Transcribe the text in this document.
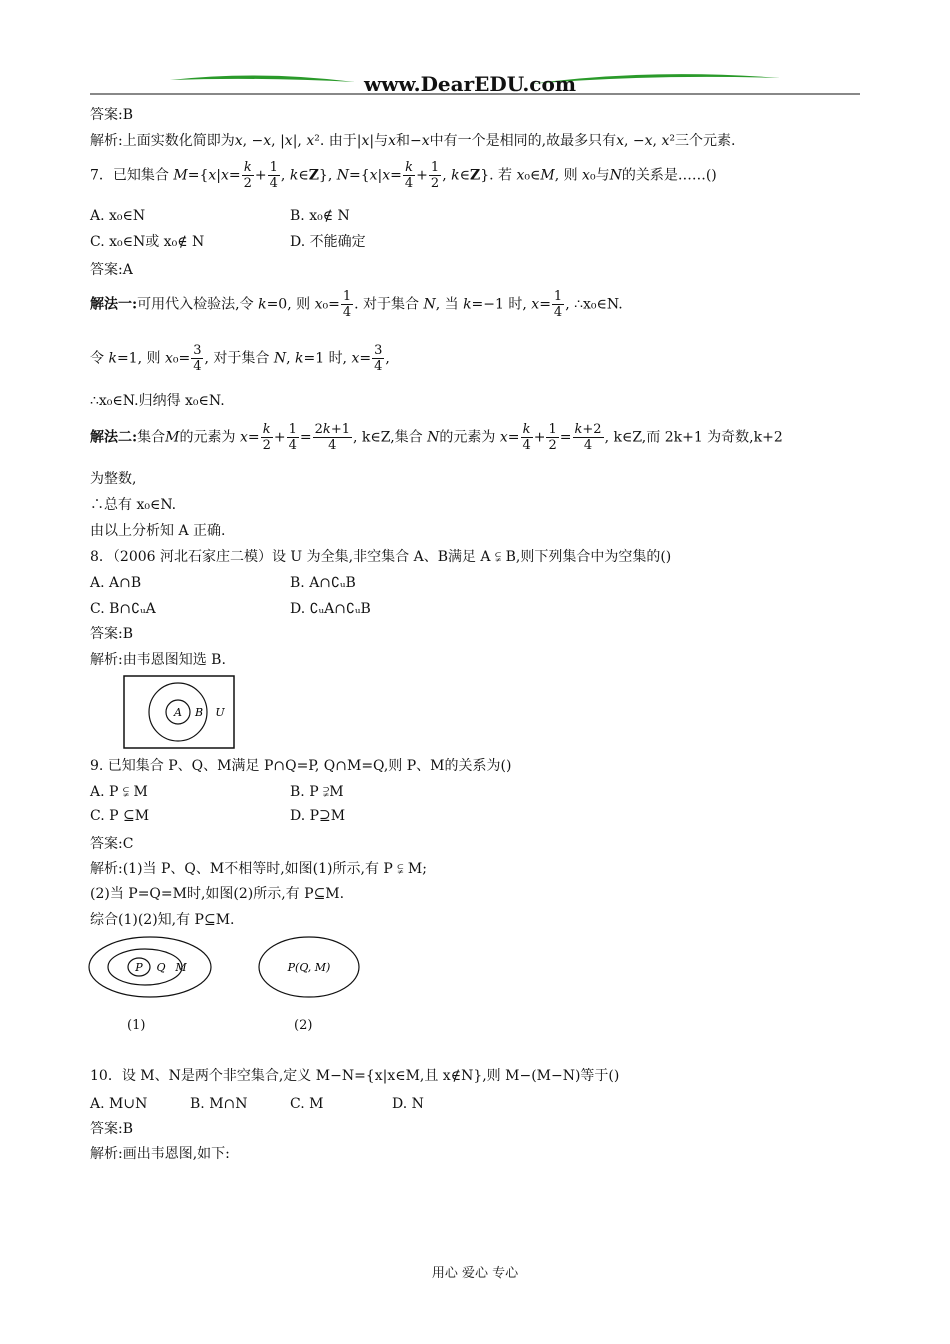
www.DearEDU.com
答案:B
解析:上面实数化简即为x, −x, |x|, x². 由于|x|与x和−x中有一个是相同的,故最多只有x, −x, x²三个元素.
7．已知集合 $M=\{x|x= \frac{k}{2} + \frac{1}{4}$ , k∈Z}, $N=\{x|x= \frac{k}{4} + \frac{1}{2}$ , k∈Z}. 若 x₀∈M, 则 x₀与N的关系是……()
A. x₀∈N	B. x₀∉ N
C. x₀∈N或 x₀∉ N	D. 不能确定
答案:A
解法一:可用代入检验法,令 k=0, 则 $x_0= \frac{1}{4}$ . 对于集合 N, 当 k=−1 时, $x= \frac{1}{4}$ , ∴x₀∈N.
令 k=1, 则 $x_0= \frac{3}{4}$ , 对于集合 N, k=1 时, $x= \frac{3}{4}$ ,
∴x₀∈N.归纳得 x₀∈N.
解法二:集合M的元素为 $x= \frac{k}{2} + \frac{1}{4} = \frac{2k+1}{4}$ , k∈Z,集合 N的元素为 $x= \frac{k}{4} + \frac{1}{2} = \frac{k+2}{4}$ , k∈Z,而 2k+1 为奇数,k+2
为整数,
∴总有 x₀∈N.
由以上分析知 A 正确.
8．（2006 河北石家庄二模）设 U 为全集,非空集合 A、B满足 A ⫋ B,则下列集合中为空集的()
A. A∩B	B. A∩∁ᵤB
C. B∩∁ᵤA	D. ∁ᵤA∩∁ᵤB
答案:B
解析:由韦恩图知选 B.
A B U
9. 已知集合 P、Q、M满足 P∩Q=P, Q∩M=Q,则 P、M的关系为()
A. P ⫋ M	B. P ⫌M
C. P ⊆M	D. P⊇M
答案:C
解析:(1)当 P、Q、M不相等时,如图(1)所示,有 P ⫋ M;
(2)当 P=Q=M时,如图(2)所示,有 P⊆M.
综合(1)(2)知,有 P⊆M.
P Q M	P(Q, M)
(1)	(2)
10．设 M、N是两个非空集合,定义 M−N={x|x∈M,且 x∉N},则 M−(M−N)等于()
A. M∪N	B. M∩N	C. M	D. N
答案:B
解析:画出韦恩图,如下:
用心 爱心 专心
